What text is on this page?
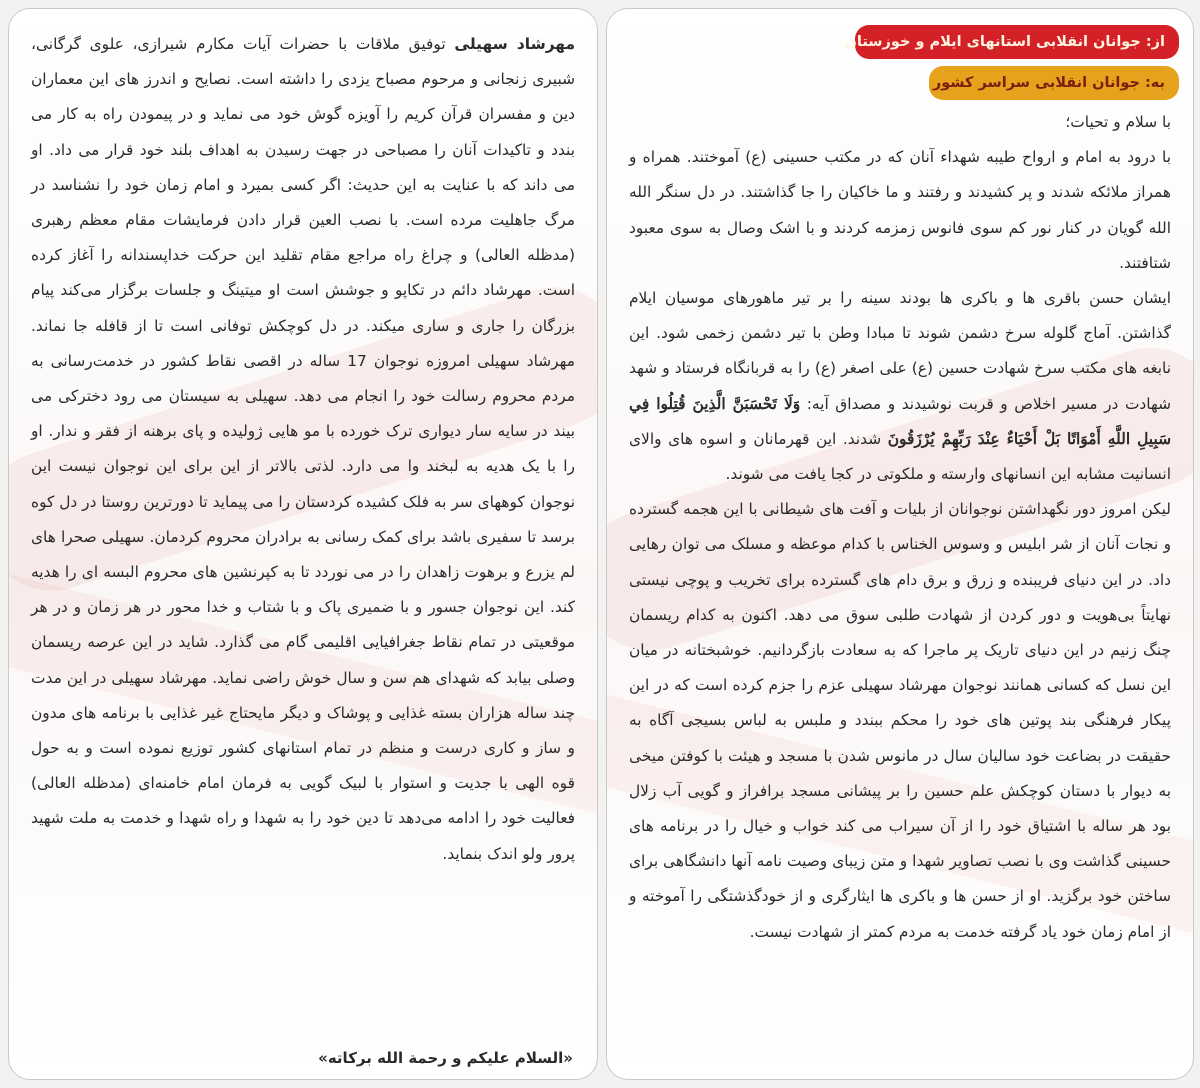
مهرشاد سهیلی توفیق ملاقات با حضرات آیات مکارم شیرازی، علوی گرگانی، شبیری زنجانی و مرحوم مصباح یزدی را داشته است. نصایح و اندرز های این معماران دین و مفسران قرآن کریم را آویزه گوش خود می نماید و در پیمودن راه به کار می بندد و تاکیدات آنان را مصباحی در جهت رسیدن به اهداف بلند خود قرار می داد. او می داند که با عنایت به این حدیث: اگر کسی بمیرد و امام زمان خود را نشناسد در مرگ جاهلیت مرده است. با نصب العین قرار دادن فرمایشات مقام معظم رهبری (مدظله العالی) و چراغ راه مراجع مقام تقلید این حرکت خداپسندانه را آغاز کرده است. مهرشاد دائم در تکاپو و جوشش است او میتینگ و جلسات برگزار می‌کند پیام بزرگان را جاری و ساری میکند. در دل کوچکش توفانی است تا از قافله جا نماند. مهرشاد سهیلی امروزه نوجوان 17 ساله در اقصی نقاط کشور در خدمت‌رسانی به مردم محروم رسالت خود را انجام می دهد. سهیلی به سیستان می رود دخترکی می بیند در سایه سار دیواری ترک خورده با مو هایی ژولیده و پای برهنه از فقر و ندار. او را با یک هدیه به لبخند وا می دارد. لذتی بالاتر از این برای این نوجوان نیست این نوجوان کوههای سر به فلک کشیده کردستان را می پیماید تا دورترین روستا در دل کوه برسد تا سفیری باشد برای کمک رسانی به برادران محروم کردمان. سهیلی صحرا های لم یزرع و برهوت زاهدان را در می نوردد تا به کپرنشین های محروم البسه ای را هدیه کند. این نوجوان جسور و با ضمیری پاک و با شتاب و خدا محور در هر زمان و در هر موقعیتی در تمام نقاط جغرافیایی اقلیمی گام می گذارد. شاید در این عرصه ریسمان وصلی بیابد که شهدای هم سن و سال خوش راضی نماید. مهرشاد سهیلی در این مدت چند ساله هزاران بسته غذایی و پوشاک و دیگر مایحتاج غیر غذایی با برنامه های مدون و ساز و کاری درست و منظم در تمام استانهای کشور توزیع نموده است و به حول قوه الهی با جدیت و استوار با لبیک گویی به فرمان امام خامنه‌ای (مدظله العالی) فعالیت خود را ادامه می‌دهد تا دین خود را به شهدا و راه شهدا و خدمت به ملت شهید پرور ولو اندک بنماید.

«السلام علیکم و رحمة الله برکاته»
از: جوانان انقلابی استانهای ایلام و خوزستان
به: جوانان انقلابی سراسر کشور

با سلام و تحیات؛

با درود به امام و ارواح طیبه شهداء آنان که در مکتب حسینی (ع) آموختند. همراه و همراز ملائکه شدند و پر کشیدند و رفتند و ما خاکیان را جا گذاشتند. در دل سنگر الله الله گویان در کنار نور کم سوی فانوس زمزمه کردند و با اشک وصال به سوی معبود شتافتند.

ایشان حسن باقری ها و باکری ها بودند سینه را بر تیر ماهورهای موسیان ایلام گذاشتن. آماج گلوله سرخ دشمن شوند تا مبادا وطن با تیر دشمن زخمی شود. این نابغه های مکتب سرخ شهادت حسین (ع) علی اصغر (ع) را به قربانگاه فرستاد و شهد شهادت در مسیر اخلاص و قربت نوشیدند و مصداق آیه: وَلَا تَحْسَبَنَّ الَّذِينَ قُتِلُوا فِي سَبِيلِ اللَّهِ أَمْوَاتًا بَلْ أَحْيَاءٌ عِنْدَ رَبِّهِمْ يُرْزَقُونَ شدند. این قهرمانان و اسوه های والای انسانیت مشابه این انسانهای وارسته و ملکوتی در کجا یافت می شوند.

لیکن امروز دور نگهداشتن نوجوانان از بلیات و آفت های شیطانی با این هجمه گسترده و نجات آنان از شر ابلیس و وسوس الخناس با کدام موعظه و مسلک می توان رهایی داد. در این دنیای فریبنده و زرق و برق دام های گسترده برای تخریب و پوچی نیستی نهایتاً بی‌هویت و دور کردن از شهادت طلبی سوق می دهد. اکنون به کدام ریسمان چنگ زنیم در این دنیای تاریک پر ماجرا که به سعادت بازگردانیم. خوشبختانه در میان این نسل که کسانی همانند نوجوان مهرشاد سهیلی عزم را جزم کرده است که در این پیکار فرهنگی بند پوتین های خود را محکم ببندد و ملبس به لباس بسیجی آگاه به حقیقت در بضاعت خود سالیان سال در مانوس شدن با مسجد و هیئت با کوفتن میخی به دیوار با دستان کوچکش علم حسین را بر پیشانی مسجد برافراز و گویی آب زلال بود هر ساله با اشتیاق خود را از آن سیراب می کند خواب و خیال را در برنامه های حسینی گذاشت وی با نصب تصاویر شهدا و متن زیبای وصیت نامه آنها دانشگاهی برای ساختن خود برگزید. او از حسن ها و باکری ها ایثارگری و از خودگذشتگی را آموخته و از امام زمان خود یاد گرفته خدمت به مردم کمتر از شهادت نیست.
